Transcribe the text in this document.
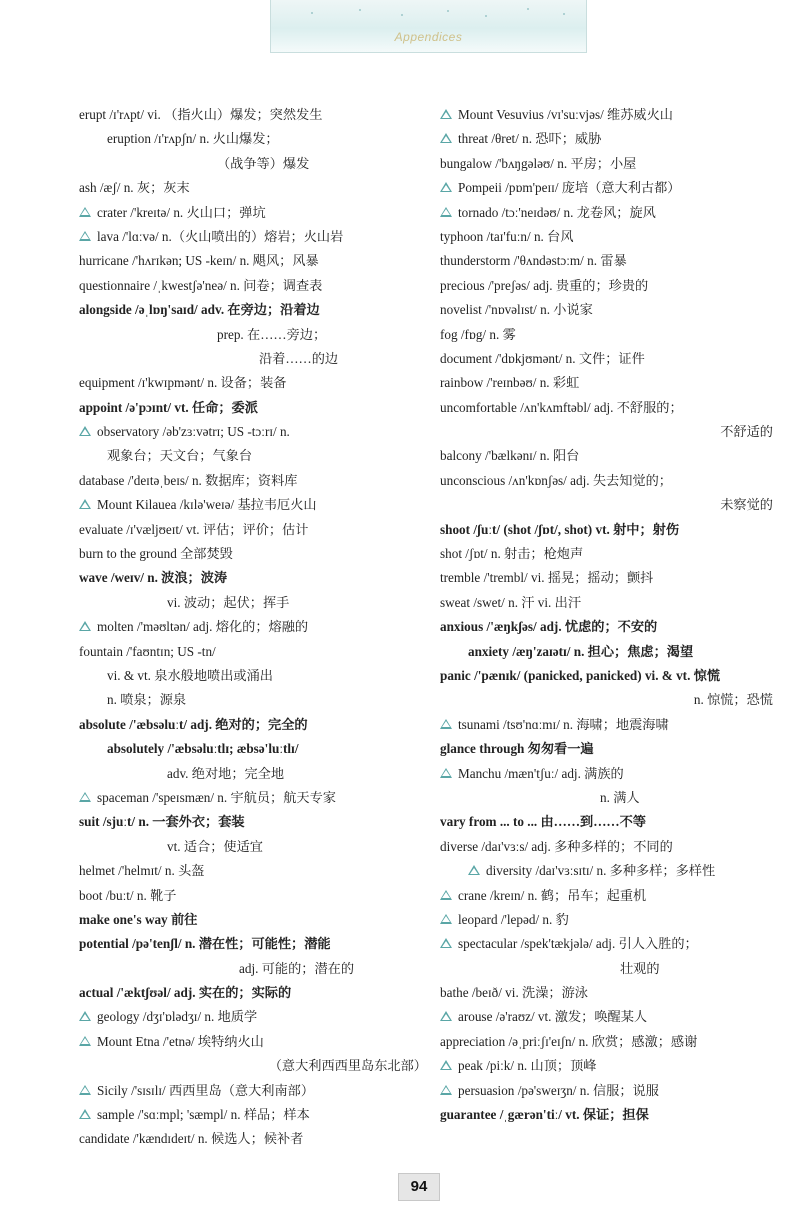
Appendices
erupt /ɪ'rʌpt/ vi. （指火山）爆发；突然发生
eruption /ɪ'rʌpʃn/ n. 火山爆发；
（战争等）爆发
ash /æʃ/ n. 灰；灰末
crater /'kreɪtə/ n. 火山口；弹坑
lava /'lɑːvə/ n.（火山喷出的）熔岩；火山岩
hurricane /'hʌrɪkən; US -keɪn/ n. 飓风；风暴
questionnaire /ˌkwestʃə'neə/ n. 问卷；调查表
alongside /əˌlɒŋ'saɪd/ adv. 在旁边；沿着边
prep. 在……旁边；
沿着……的边
equipment /ɪ'kwɪpmənt/ n. 设备；装备
appoint /ə'pɔɪnt/ vt. 任命；委派
observatory /əb'zɜːvətrɪ; US -tɔːrɪ/ n.
观象台；天文台；气象台
database /'deɪtəˌbeɪs/ n. 数据库；资料库
Mount Kilauea /kɪlə'weɪə/ 基拉韦厄火山
evaluate /ɪ'væljʊeɪt/ vt. 评估；评价；估计
burn to the ground 全部焚毁
wave /weɪv/ n. 波浪；波涛
vi. 波动；起伏；挥手
molten /'məʊltən/ adj. 熔化的；熔融的
fountain /'faʊntɪn; US -tn/
vi. & vt. 泉水般地喷出或涌出
n. 喷泉；源泉
absolute /'æbsəluːt/ adj. 绝对的；完全的
absolutely /'æbsəluːtlɪ; æbsə'luːtlɪ/
adv. 绝对地；完全地
spaceman /'speɪsmæn/ n. 宇航员；航天专家
suit /sjuːt/ n. 一套外衣；套装
vt. 适合；使适宜
helmet /'helmɪt/ n. 头盔
boot /buːt/ n. 靴子
make one's way 前往
potential /pə'tenʃl/ n. 潜在性；可能性；潜能
adj. 可能的；潜在的
actual /'æktʃʊəl/ adj. 实在的；实际的
geology /dʒɪ'ɒlədʒɪ/ n. 地质学
Mount Etna /'etnə/ 埃特纳火山
（意大利西西里岛东北部）
Sicily /'sɪsɪlɪ/ 西西里岛（意大利南部）
sample /'sɑːmpl; 'sæmpl/ n. 样品；样本
candidate /'kændɪdeɪt/ n. 候选人；候补者
Mount Vesuvius /vɪ'suːvjəs/ 维苏威火山
threat /θret/ n. 恐吓；威胁
bungalow /'bʌŋgələʊ/ n. 平房；小屋
Pompeii /pɒm'peɪɪ/ 庞培（意大利古都）
tornado /tɔː'neɪdəʊ/ n. 龙卷风；旋风
typhoon /taɪ'fuːn/ n. 台风
thunderstorm /'θʌndəstɔːm/ n. 雷暴
precious /'preʃəs/ adj. 贵重的；珍贵的
novelist /'nɒvəlɪst/ n. 小说家
fog /fɒg/ n. 雾
document /'dɒkjʊmənt/ n. 文件；证件
rainbow /'reɪnbəʊ/ n. 彩虹
uncomfortable /ʌn'kʌmftəbl/ adj. 不舒服的；
不舒适的
balcony /'bælkənɪ/ n. 阳台
unconscious /ʌn'kɒnʃəs/ adj. 失去知觉的；
未察觉的
shoot /ʃuːt/ (shot /ʃɒt/, shot) vt. 射中；射伤
shot /ʃɒt/ n. 射击；枪炮声
tremble /'trembl/ vi. 摇晃；摇动；颤抖
sweat /swet/ n. 汗 vi. 出汗
anxious /'æŋkʃəs/ adj. 忧虑的；不安的
anxiety /æŋ'zaɪətɪ/ n. 担心；焦虑；渴望
panic /'pænɪk/ (panicked, panicked) vi. & vt. 惊慌
n. 惊慌；恐慌
tsunami /tsʊ'nɑːmɪ/ n. 海啸；地震海啸
glance through 匆匆看一遍
Manchu /mæn'tʃuː/ adj. 满族的
n. 满人
vary from ... to ... 由……到……不等
diverse /daɪ'vɜːs/ adj. 多种多样的；不同的
diversity /daɪ'vɜːsɪtɪ/ n. 多种多样；多样性
crane /kreɪn/ n. 鹤；吊车；起重机
leopard /'lepəd/ n. 豹
spectacular /spek'tækjələ/ adj. 引人入胜的；
壮观的
bathe /beɪð/ vi. 洗澡；游泳
arouse /ə'raʊz/ vt. 激发；唤醒某人
appreciation /əˌpriːʃɪ'eɪʃn/ n. 欣赏；感激；感谢
peak /piːk/ n. 山顶；顶峰
persuasion /pə'sweɪʒn/ n. 信服；说服
guarantee /ˌgærən'tiː/ vt. 保证；担保
94
